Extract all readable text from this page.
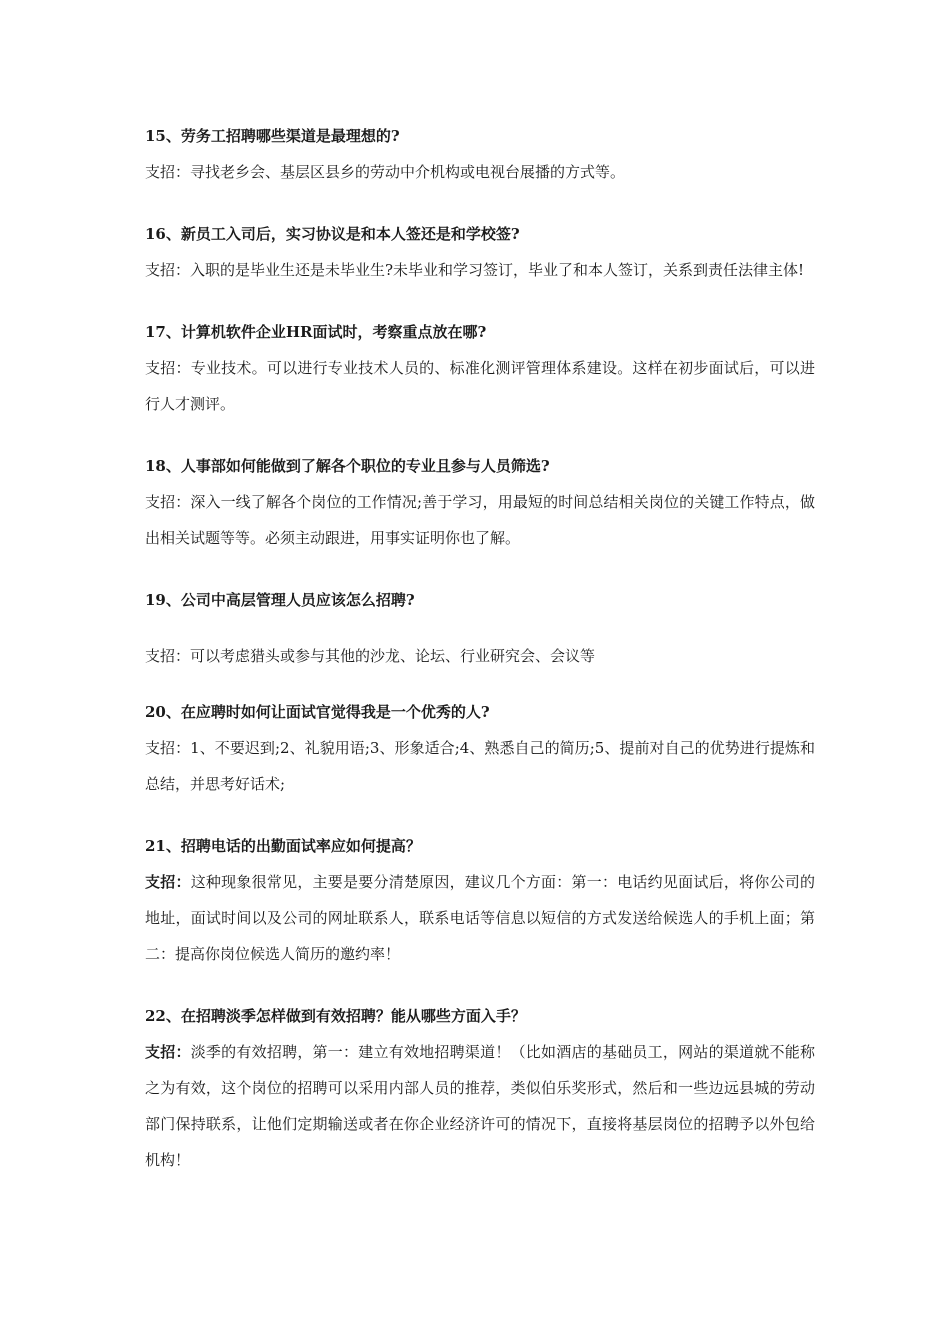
15、劳务工招聘哪些渠道是最理想的?

支招：寻找老乡会、基层区县乡的劳动中介机构或电视台展播的方式等。

16、新员工入司后，实习协议是和本人签还是和学校签?

支招：入职的是毕业生还是未毕业生?未毕业和学习签订，毕业了和本人签订，关系到责任法律主体!

17、计算机软件企业HR面试时，考察重点放在哪?

支招：专业技术。可以进行专业技术人员的、标准化测评管理体系建设。这样在初步面试后，可以进行人才测评。

18、人事部如何能做到了解各个职位的专业且参与人员筛选?

支招：深入一线了解各个岗位的工作情况;善于学习，用最短的时间总结相关岗位的关键工作特点，做出相关试题等等。必须主动跟进，用事实证明你也了解。

19、公司中高层管理人员应该怎么招聘?

支招：可以考虑猎头或参与其他的沙龙、论坛、行业研究会、会议等

20、在应聘时如何让面试官觉得我是一个优秀的人?

支招：1、不要迟到;2、礼貌用语;3、形象适合;4、熟悉自己的简历;5、提前对自己的优势进行提炼和总结，并思考好话术;

21、招聘电话的出勤面试率应如何提高？

支招：这种现象很常见，主要是要分清楚原因，建议几个方面：第一：电话约见面试后，将你公司的地址，面试时间以及公司的网址联系人，联系电话等信息以短信的方式发送给候选人的手机上面；第二：提高你岗位候选人简历的邀约率！

22、在招聘淡季怎样做到有效招聘？能从哪些方面入手？

支招：淡季的有效招聘，第一：建立有效地招聘渠道！（比如酒店的基础员工，网站的渠道就不能称之为有效，这个岗位的招聘可以采用内部人员的推荐，类似伯乐奖形式，然后和一些边远县城的劳动部门保持联系，让他们定期输送或者在你企业经济许可的情况下，直接将基层岗位的招聘予以外包给机构！
